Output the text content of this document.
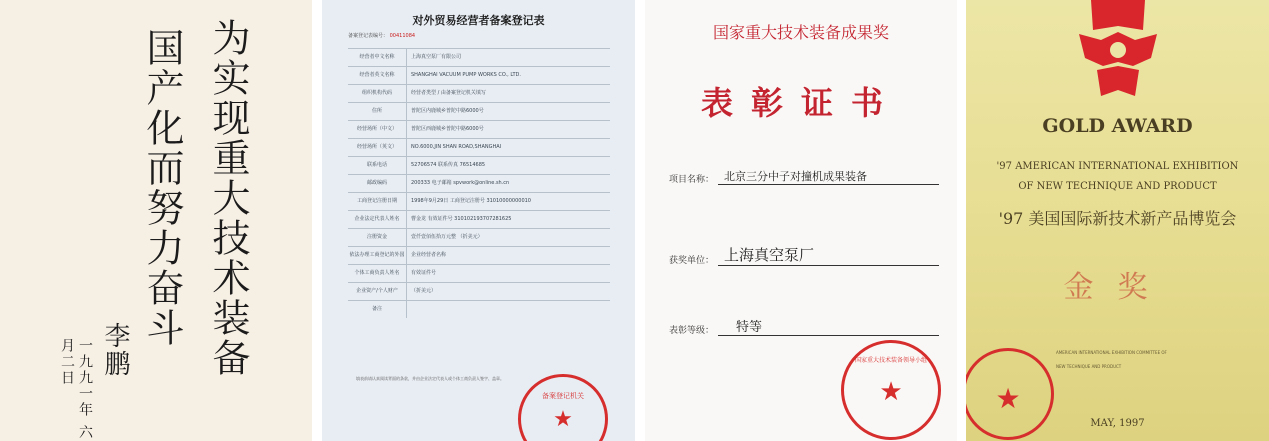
为实现重大技术装备
国产化而努力奋斗
李鹏
一九九一年 六月二日
对外贸易经营者备案登记表
备案登记表编号： 00411084
经营者中文名称	上海真空泵厂有限公司
经营者英文名称	SHANGHAI VACUUM PUMP WORKS CO., LTD.
组织机构代码	经营者类型 / 由备案登记机关填写
住所	普陀区内鹿城乡普陀中路6000号
经营场所（中文）	普陀区西鹿城乡普陀中路6000号
经营场所（英文）	NO.6000,JIN SHAN ROAD,SHANGHAI
联系电话	52706574 联系传真 76514685
邮政编码	200333 电子邮箱 spvwork@online.sh.cn
工商登记注册日期	1998年9月29日 工商登记注册号 31010000000010
企业法定代表人姓名	曹金龙 有效证件号 310102193707281625
注册资金	壹仟壹佰伍拾万元整 （折美元）
依法办理工商登记的外国	企业经营者名称
个体工商负责人姓名	有效证件号
企业资产/个人财产	（折美元）
备注
填表前请认真阅读背面的条款，并由企业法定代表人或个体工商负责人签字、盖章。
备案登记机关
★
国家重大技术装备成果奖
表彰证书
项目名称： 北京三分中子对撞机成果装备
获奖单位： 上海真空泵厂
表彰等级：	特等
国家重大技术装备领导小组
★
GOLD AWARD
'97 AMERICAN INTERNATIONAL EXHIBITION
OF NEW TECHNIQUE AND PRODUCT
'97 美国国际新技术新产品博览会
金奖
AMERICAN INTERNATIONAL EXHIBITION COMMITTEE OF
NEW TECHNIQUE AND PRODUCT
★
MAY, 1997
